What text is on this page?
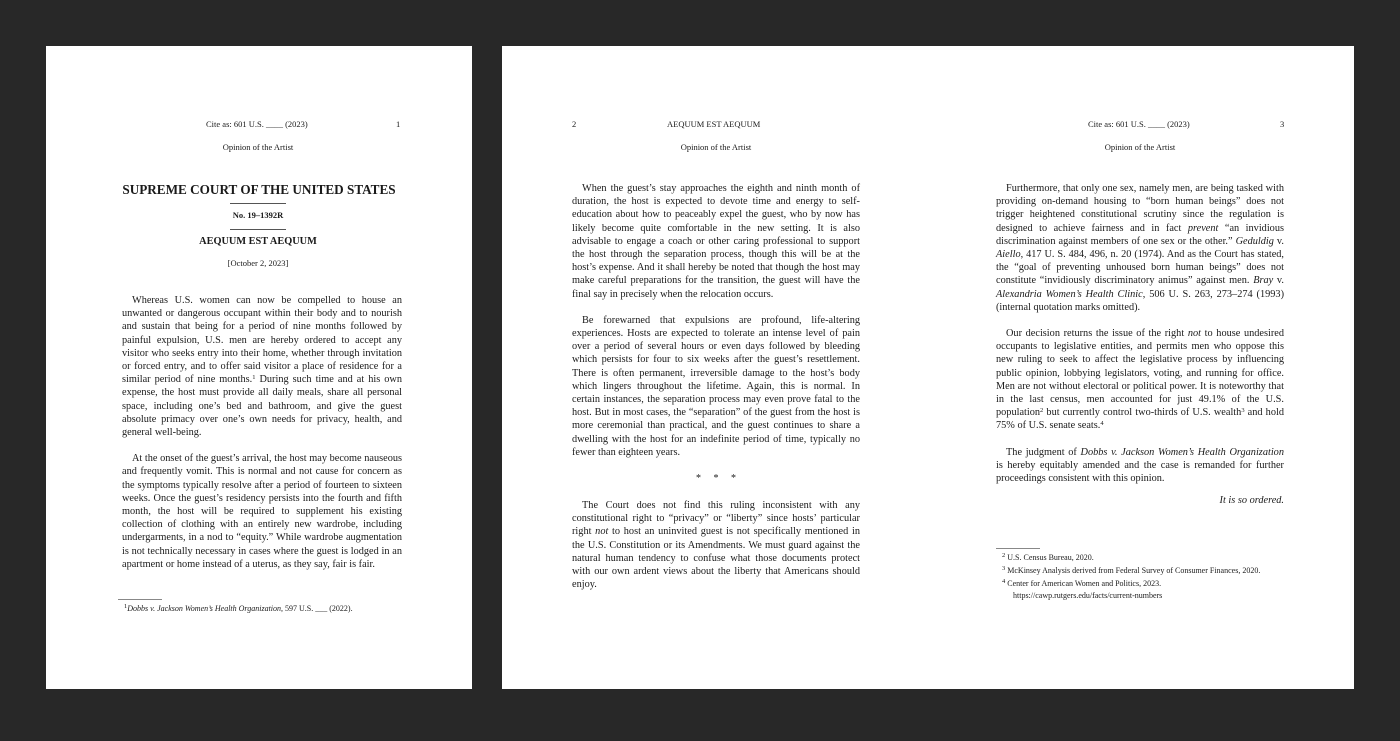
Cite as: 601 U.S. ____ (2023)	1
Opinion of the Artist
SUPREME COURT OF THE UNITED STATES
No. 19–1392R
AEQUUM EST AEQUUM
[October 2, 2023]

Whereas U.S. women can now be compelled to house an unwanted or dangerous occupant within their body and to nourish and sustain that being for a period of nine months followed by painful expulsion, U.S. men are hereby ordered to accept any visitor who seeks entry into their home, whether through invitation or forced entry, and to offer said visitor a place of residence for a similar period of nine months.$^1$ During such time and at his own expense, the host must provide all daily meals, share all personal space, including one’s bed and bathroom, and give the guest absolute primacy over one’s own needs for privacy, health, and general well-being.

At the onset of the guest’s arrival, the host may become nauseous and frequently vomit. This is normal and not cause for concern as the symptoms typically resolve after a period of fourteen to sixteen weeks. Once the guest’s residency persists into the fourth and fifth month, the host will be required to supplement his existing collection of clothing with an entirely new wardrobe, including undergarments, in a nod to “equity.” While wardrobe augmentation is not technically necessary in cases where the guest is lodged in an apartment or home instead of a uterus, as they say, fair is fair.

$^1$Dobbs v. Jackson Women’s Health Organization, 597 U.S. ___ (2022).
2	AEQUUM EST AEQUUM
Opinion of the Artist

When the guest’s stay approaches the eighth and ninth month of duration, the host is expected to devote time and energy to self-education about how to peaceably expel the guest, who by now has likely become quite comfortable in the new setting. It is also advisable to engage a coach or other caring professional to support the host through the separation process, though this will be at the host’s expense. And it shall hereby be noted that though the host may make careful preparations for the transition, the guest will have the final say in precisely when the relocation occurs.

Be forewarned that expulsions are profound, life-altering experiences. Hosts are expected to tolerate an intense level of pain over a period of several hours or even days followed by bleeding which persists for four to six weeks after the guest’s resettlement. There is often permanent, irreversible damage to the host’s body which lingers throughout the lifetime. Again, this is normal. In certain instances, the separation process may even prove fatal to the host. But in most cases, the “separation” of the guest from the host is more ceremonial than practical, and the guest continues to share a dwelling with the host for an indefinite period of time, typically no fewer than eighteen years.

*     *     *

The Court does not find this ruling inconsistent with any constitutional right to “privacy” or “liberty” since hosts’ particular right not to host an uninvited guest is not specifically mentioned in the U.S. Constitution or its Amendments. We must guard against the natural human tendency to confuse what those documents protect with our own ardent views about the liberty that Americans should enjoy.

Cite as: 601 U.S. ____ (2023)	3
Opinion of the Artist

Furthermore, that only one sex, namely men, are being tasked with providing on-demand housing to “born human beings” does not trigger heightened constitutional scrutiny since the regulation is designed to achieve fairness and in fact prevent “an invidious discrimination against members of one sex or the other.” Geduldig v. Aiello, 417 U. S. 484, 496, n. 20 (1974). And as the Court has stated, the “goal of preventing unhoused born human beings” does not constitute “invidiously discriminatory animus” against men. Bray v. Alexandria Women’s Health Clinic, 506 U. S. 263, 273–274 (1993) (internal quotation marks omitted).

Our decision returns the issue of the right not to house undesired occupants to legislative entities, and permits men who oppose this new ruling to seek to affect the legislative process by influencing public opinion, lobbying legislators, voting, and running for office. Men are not without electoral or political power. It is noteworthy that in the last census, men accounted for just 49.1% of the U.S. population$^2$ but currently control two-thirds of U.S. wealth$^3$ and hold 75% of U.S. senate seats.$^4$

The judgment of Dobbs v. Jackson Women’s Health Organization is hereby equitably amended and the case is remanded for further proceedings consistent with this opinion.

It is so ordered.
$^2$ U.S. Census Bureau, 2020.
$^3$ McKinsey Analysis derived from Federal Survey of Consumer Finances, 2020.
$^4$ Center for American Women and Politics, 2023.
https://cawp.rutgers.edu/facts/current-numbers
